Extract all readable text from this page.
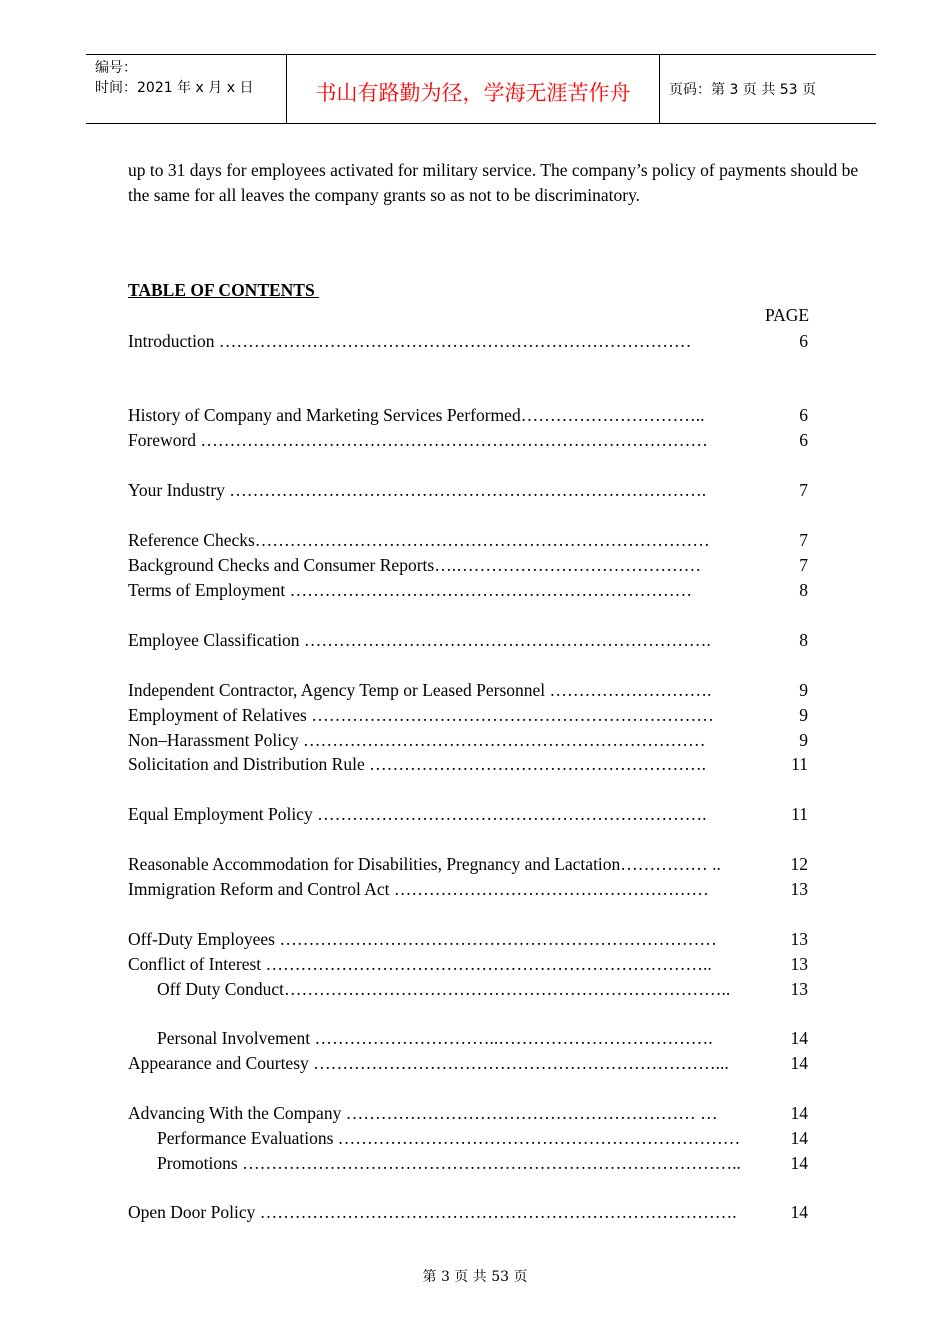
编号：
时间：2021 年 x 月 x 日	书山有路勤为径，学海无涯苦作舟	页码：第 3 页 共 53 页

up to 31 days for employees activated for military service. The company’s policy of payments should be the same for all leaves the company grants so as not to be discriminatory.

TABLE OF CONTENTS
PAGE
Introduction ………………………………………………………………………	6
History of Company and Marketing Services Performed…………………………..	6
Foreword ……………………………………………………………………………	6
Your Industry ……………………………………………………………………….	7
Reference Checks……………………………………………………………………	7
Background Checks and Consumer Reports….……………………………………	7
Terms of Employment ……………………………………………………………	8
Employee Classification …………………………………………………………….	8
Independent Contractor, Agency Temp or Leased Personnel ……………………….	9
Employment of Relatives ……………………………………………………………	9
Non–Harassment Policy ……………………………………………………………	9
Solicitation and Distribution Rule ………………………………………………….	11
Equal Employment Policy ………………………………………………………….	11
Reasonable Accommodation for Disabilities, Pregnancy and Lactation…………… ..	12
Immigration Reform and Control Act ………………………………………………	13
Off-Duty Employees …………………………………………………………………	13
Conflict of Interest …………………………………………………………………..	13
Off Duty Conduct…………………………………………………………………..	13
Personal Involvement …………………………..……………………………….	14
Appearance and Courtesy ……………………………………………………………...	14
Advancing With the Company …………………………………………………… …	14
Performance Evaluations ……………………………………………………………	14
Promotions …………………………………………………………………………..	14
Open Door Policy ……………………………………………………………………….	14
第 3 页 共 53 页
